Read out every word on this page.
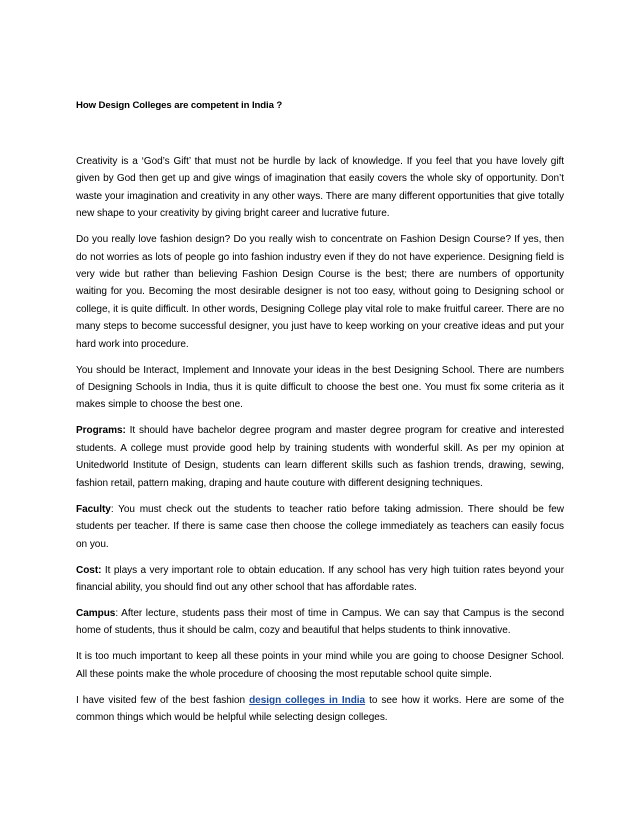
How Design Colleges are competent in India ?

Creativity is a ‘God’s Gift’ that must not be hurdle by lack of knowledge. If you feel that you have lovely gift given by God then get up and give wings of imagination that easily covers the whole sky of opportunity. Don’t waste your imagination and creativity in any other ways. There are many different opportunities that give totally new shape to your creativity by giving bright career and lucrative future.

Do you really love fashion design? Do you really wish to concentrate on Fashion Design Course? If yes, then do not worries as lots of people go into fashion industry even if they do not have experience. Designing field is very wide but rather than believing Fashion Design Course is the best; there are numbers of opportunity waiting for you. Becoming the most desirable designer is not too easy, without going to Designing school or college, it is quite difficult. In other words, Designing College play vital role to make fruitful career. There are no many steps to become successful designer, you just have to keep working on your creative ideas and put your hard work into procedure.

You should be Interact, Implement and Innovate your ideas in the best Designing School. There are numbers of Designing Schools in India, thus it is quite difficult to choose the best one. You must fix some criteria as it makes simple to choose the best one.

Programs: It should have bachelor degree program and master degree program for creative and interested students. A college must provide good help by training students with wonderful skill. As per my opinion at Unitedworld Institute of Design, students can learn different skills such as fashion trends, drawing, sewing, fashion retail, pattern making, draping and haute couture with different designing techniques.

Faculty: You must check out the students to teacher ratio before taking admission. There should be few students per teacher. If there is same case then choose the college immediately as teachers can easily focus on you.

Cost: It plays a very important role to obtain education. If any school has very high tuition rates beyond your financial ability, you should find out any other school that has affordable rates.

Campus: After lecture, students pass their most of time in Campus. We can say that Campus is the second home of students, thus it should be calm, cozy and beautiful that helps students to think innovative.

It is too much important to keep all these points in your mind while you are going to choose Designer School. All these points make the whole procedure of choosing the most reputable school quite simple.

I have visited few of the best fashion design colleges in India to see how it works. Here are some of the common things which would be helpful while selecting design colleges.
